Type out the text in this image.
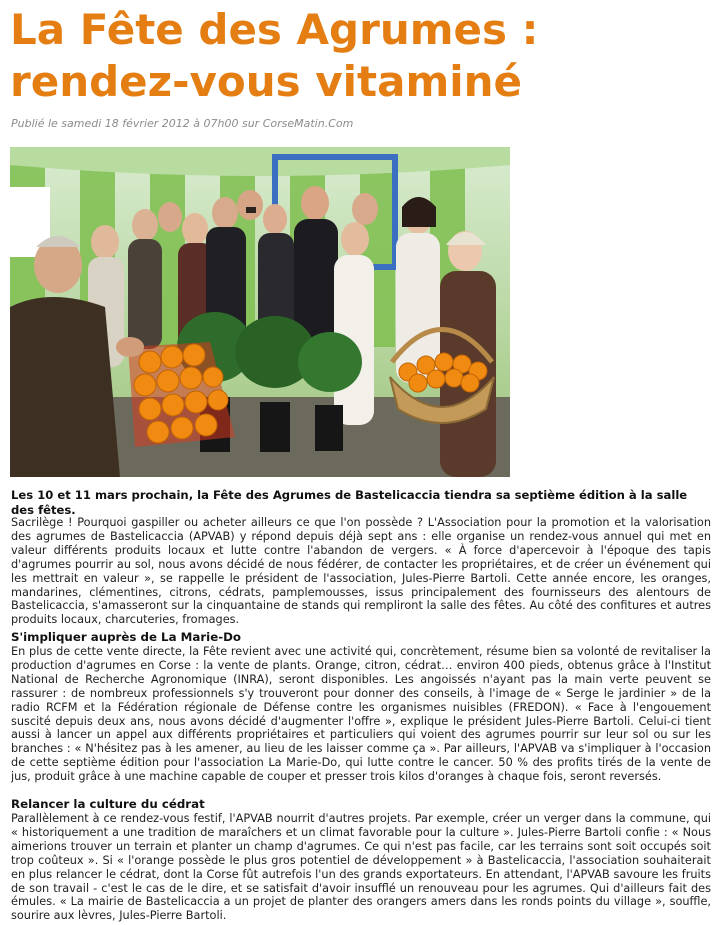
La Fête des Agrumes :
rendez-vous vitaminé

Publié le samedi 18 février 2012 à 07h00 sur CorseMatin.Com

Les 10 et 11 mars prochain, la Fête des Agrumes de Bastelicaccia tiendra sa septième édition à la salle des fêtes.

Sacrilège ! Pourquoi gaspiller ou acheter ailleurs ce que l'on possède ? L'Association pour la promotion et la valorisation des agrumes de Bastelicaccia (APVAB) y répond depuis déjà sept ans : elle organise un rendez-vous annuel qui met en valeur différents produits locaux et lutte contre l'abandon de vergers. « À force d'apercevoir à l'époque des tapis d'agrumes pourrir au sol, nous avons décidé de nous fédérer, de contacter les propriétaires, et de créer un événement qui les mettrait en valeur », se rappelle le président de l'association, Jules-Pierre Bartoli. Cette année encore, les oranges, mandarines, clémentines, citrons, cédrats, pamplemousses, issus principalement des fournisseurs des alentours de Bastelicaccia, s'amasseront sur la cinquantaine de stands qui rempliront la salle des fêtes. Au côté des confitures et autres produits locaux, charcuteries, fromages.

S'impliquer auprès de La Marie-Do

En plus de cette vente directe, la Fête revient avec une activité qui, concrètement, résume bien sa volonté de revitaliser la production d'agrumes en Corse : la vente de plants. Orange, citron, cédrat… environ 400 pieds, obtenus grâce à l'Institut National de Recherche Agronomique (INRA), seront disponibles. Les angoissés n'ayant pas la main verte peuvent se rassurer : de nombreux professionnels s'y trouveront pour donner des conseils, à l'image de « Serge le jardinier » de la radio RCFM et la Fédération régionale de Défense contre les organismes nuisibles (FREDON). « Face à l'engouement suscité depuis deux ans, nous avons décidé d'augmenter l'offre », explique le président Jules-Pierre Bartoli. Celui-ci tient aussi à lancer un appel aux différents propriétaires et particuliers qui voient des agrumes pourrir sur leur sol ou sur les branches : « N'hésitez pas à les amener, au lieu de les laisser comme ça ». Par ailleurs, l'APVAB va s'impliquer à l'occasion de cette septième édition pour l'association La Marie-Do, qui lutte contre le cancer. 50 % des profits tirés de la vente de jus, produit grâce à une machine capable de couper et presser trois kilos d'oranges à chaque fois, seront reversés.

Relancer la culture du cédrat

Parallèlement à ce rendez-vous festif, l'APVAB nourrit d'autres projets. Par exemple, créer un verger dans la commune, qui « historiquement a une tradition de maraîchers et un climat favorable pour la culture ». Jules-Pierre Bartoli confie : « Nous aimerions trouver un terrain et planter un champ d'agrumes. Ce qui n'est pas facile, car les terrains sont soit occupés soit trop coûteux ». Si « l'orange possède le plus gros potentiel de développement » à Bastelicaccia, l'association souhaiterait en plus relancer le cédrat, dont la Corse fût autrefois l'un des grands exportateurs. En attendant, l'APVAB savoure les fruits de son travail - c'est le cas de le dire, et se satisfait d'avoir insufflé un renouveau pour les agrumes. Qui d'ailleurs fait des émules. « La mairie de Bastelicaccia a un projet de planter des orangers amers dans les ronds points du village », souffle, sourire aux lèvres, Jules-Pierre Bartoli.
